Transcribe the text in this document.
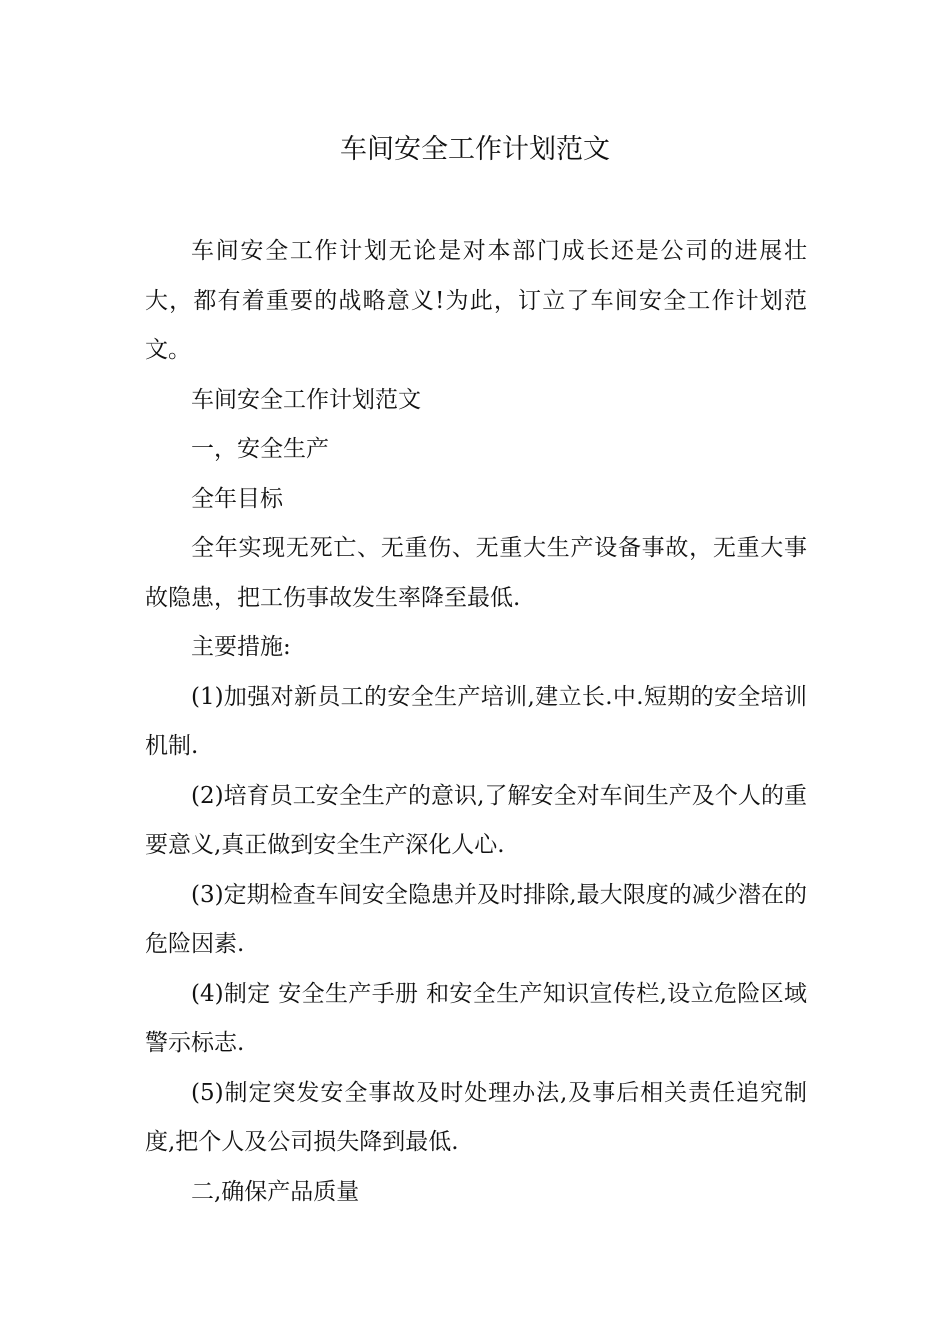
车间安全工作计划范文

车间安全工作计划无论是对本部门成长还是公司的进展壮大，都有着重要的战略意义!为此，订立了车间安全工作计划范文。

车间安全工作计划范文

一，安全生产

全年目标

全年实现无死亡、无重伤、无重大生产设备事故，无重大事故隐患，把工伤事故发生率降至最低.

主要措施:

(1)加强对新员工的安全生产培训,建立长.中.短期的安全培训机制.

(2)培育员工安全生产的意识,了解安全对车间生产及个人的重要意义,真正做到安全生产深化人心.

(3)定期检查车间安全隐患并及时排除,最大限度的减少潜在的危险因素.

(4)制定 安全生产手册 和安全生产知识宣传栏,设立危险区域警示标志.

(5)制定突发安全事故及时处理办法,及事后相关责任追究制度,把个人及公司损失降到最低.

二,确保产品质量
